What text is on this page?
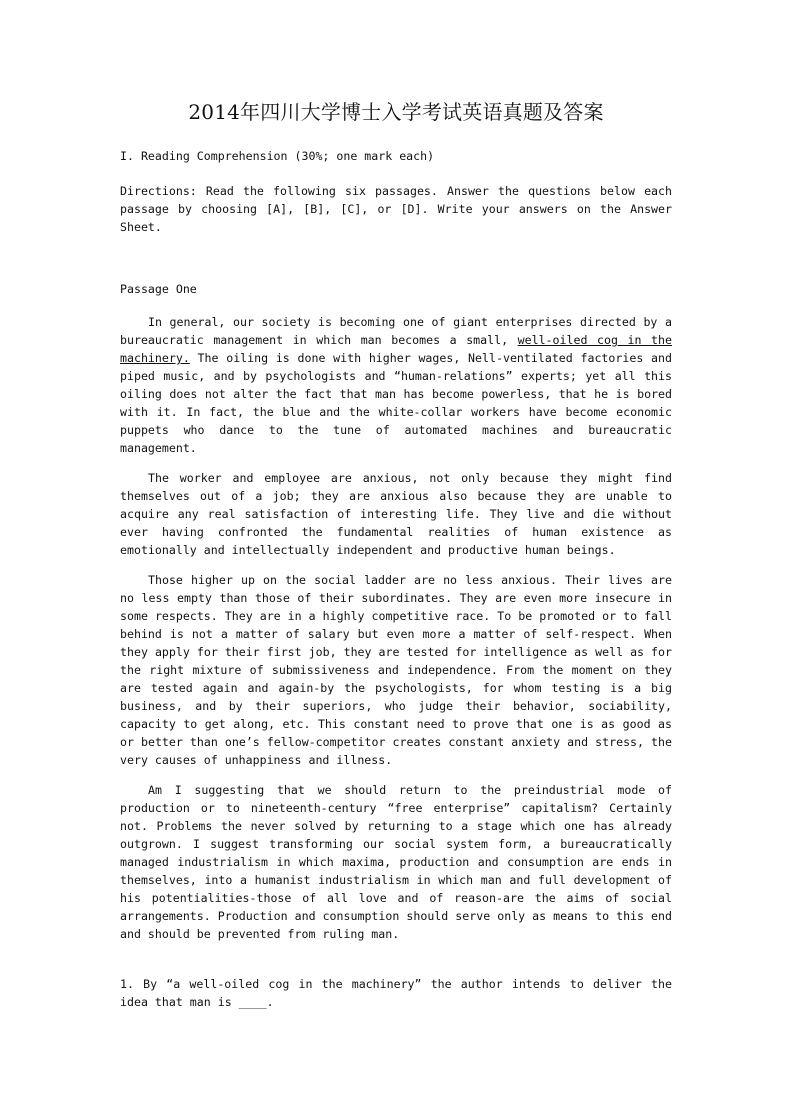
2014年四川大学博士入学考试英语真题及答案
I. Reading Comprehension (30%; one mark each)
Directions: Read the following six passages. Answer the questions below each passage by choosing [A], [B], [C], or [D]. Write your answers on the Answer Sheet.
Passage One

In general, our society is becoming one of giant enterprises directed by a bureaucratic management in which man becomes a small, well-oiled cog in the machinery. The oiling is done with higher wages, Nell-ventilated factories and piped music, and by psychologists and “human-relations” experts; yet all this oiling does not alter the fact that man has become powerless, that he is bored with it. In fact, the blue and the white-collar workers have become economic puppets who dance to the tune of automated machines and bureaucratic management.

The worker and employee are anxious, not only because they might find themselves out of a job; they are anxious also because they are unable to acquire any real satisfaction of interesting life. They live and die without ever having confronted the fundamental realities of human existence as emotionally and intellectually independent and productive human beings.

Those higher up on the social ladder are no less anxious. Their lives are no less empty than those of their subordinates. They are even more insecure in some respects. They are in a highly competitive race. To be promoted or to fall behind is not a matter of salary but even more a matter of self-respect. When they apply for their first job, they are tested for intelligence as well as for the right mixture of submissiveness and independence. From the moment on they are tested again and again-by the psychologists, for whom testing is a big business, and by their superiors, who judge their behavior, sociability, capacity to get along, etc. This constant need to prove that one is as good as or better than one’s fellow-competitor creates constant anxiety and stress, the very causes of unhappiness and illness.

Am I suggesting that we should return to the preindustrial mode of production or to nineteenth-century “free enterprise” capitalism? Certainly not. Problems the never solved by returning to a stage which one has already outgrown. I suggest transforming our social system form, a bureaucratically managed industrialism in which maxima, production and consumption are ends in themselves, into a humanist industrialism in which man and full development of his potentialities-those of all love and of reason-are the aims of social arrangements. Production and consumption should serve only as means to this end and should be prevented from ruling man.

1. By “a well-oiled cog in the machinery” the author intends to deliver the idea that man is ____.
